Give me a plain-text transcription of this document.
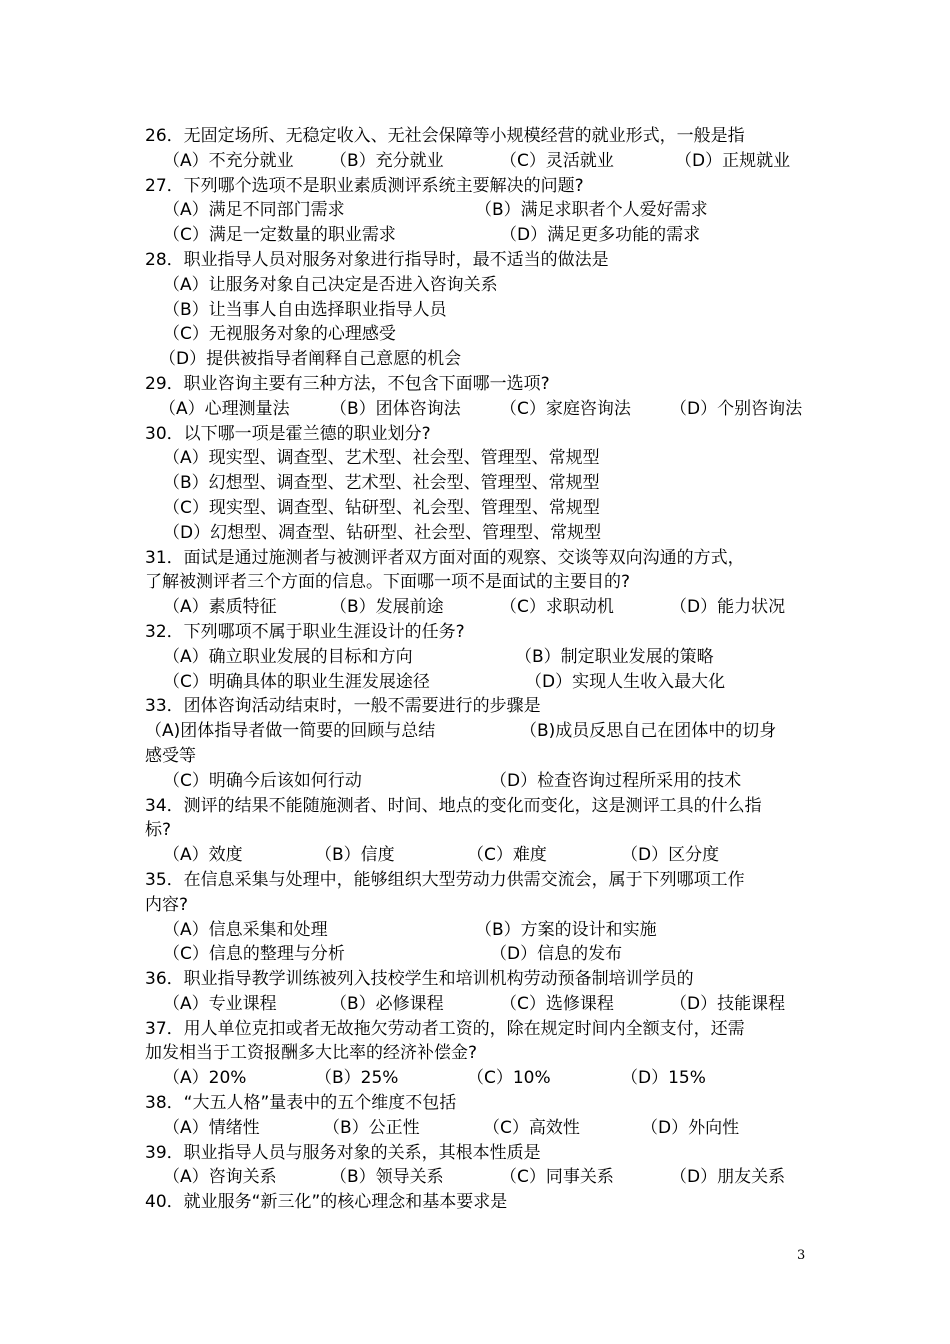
26．无固定场所、无稳定收入、无社会保障等小规模经营的就业形式，一般是指
（A）不充分就业 （B）充分就业	（C）灵活就业	（D）正规就业
27．下列哪个选项不是职业素质测评系统主要解决的问题?
（A）满足不同部门需求	（B）满足求职者个人爱好需求
（C）满足一定数量的职业需求	（D）满足更多功能的需求
28．职业指导人员对服务对象进行指导时，最不适当的做法是
（A）让服务对象自己决定是否进入咨询关系
（B）让当事人自由选择职业指导人员
（C）无视服务对象的心理感受
（D）提供被指导者阐释自己意愿的机会
29．职业咨询主要有三种方法，不包含下面哪一选项?
（A）心理测量法 （B）团体咨询法 （C）家庭咨询法 （D）个别咨询法
30．以下哪一项是霍兰德的职业划分?
（A）现实型、调查型、艺术型、社会型、管理型、常规型
（B）幻想型、调查型、艺术型、社会型、管理型、常规型
（C）现实型、调查型、钻研型、礼会型、管理型、常规型
（D）幻想型、凋查型、钻研型、社会型、管理型、常规型
31．面试是通过施测者与被测评者双方面对面的观察、交谈等双向沟通的方式，
了解被测评者三个方面的信息。下面哪一项不是面试的主要目的?
（A）素质特征	（B）发展前途	（C）求职动机	（D）能力状况
32．下列哪项不属于职业生涯设计的任务?
（A）确立职业发展的目标和方向	（B）制定职业发展的策略
（C）明确具体的职业生涯发展途径	（D）实现人生收入最大化
33．团体咨询活动结束时，一般不需要进行的步骤是
（A)团体指导者做一简要的回顾与总结	（B)成员反思自己在团体中的切身
感受等
（C）明确今后该如何行动	（D）检查咨询过程所采用的技术
34．测评的结果不能随施测者、时间、地点的变化而变化，这是测评工具的什么指
标?
（A）效度	（B）信度	（C）难度	（D）区分度
35．在信息采集与处理中，能够组织大型劳动力供需交流会，属于下列哪项工作
内容?
（A）信息采集和处理	（B）方案的设计和实施
（C）信息的整理与分析	（D）信息的发布
36．职业指导教学训练被列入技校学生和培训机构劳动预备制培训学员的
（A）专业课程	（B）必修课程	（C）选修课程	（D）技能课程
37．用人单位克扣或者无故拖欠劳动者工资的，除在规定时间内全额支付，还需
加发相当于工资报酬多大比率的经济补偿金?
（A）20%	（B）25%	（C）10%	（D）15%
38．“大五人格”量表中的五个维度不包括
（A）情绪性	（B）公正性	（C）高效性	（D）外向性
39．职业指导人员与服务对象的关系，其根本性质是
（A）咨询关系	（B）领导关系	（C）同事关系	（D）朋友关系
40．就业服务“新三化”的核心理念和基本要求是
3
